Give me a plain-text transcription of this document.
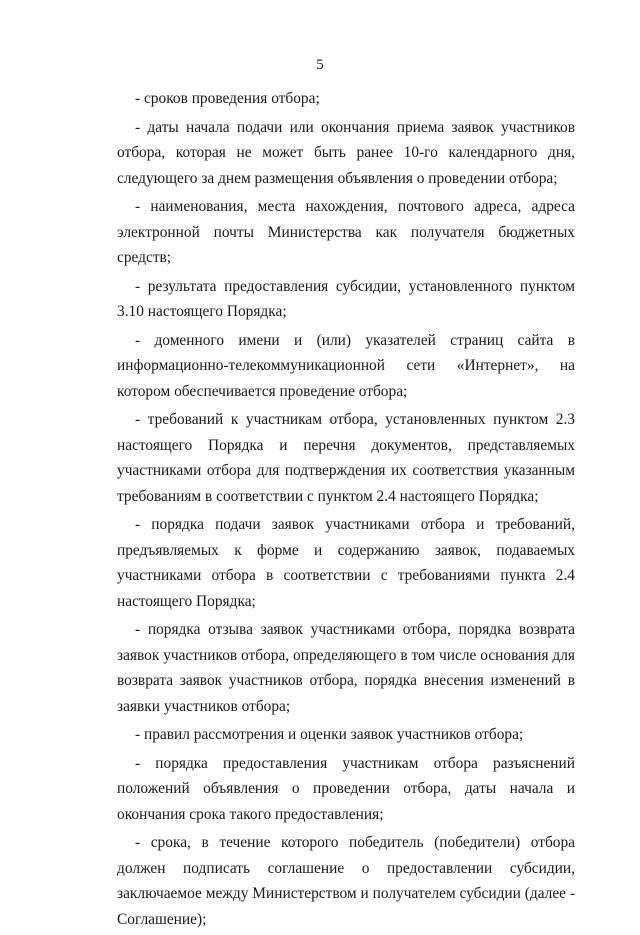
5

- сроков проведения отбора;

- даты начала подачи или окончания приема заявок участников отбора, которая не может быть ранее 10-го календарного дня, следующего за днем размещения объявления о проведении отбора;

- наименования, места нахождения, почтового адреса, адреса электронной почты Министерства как получателя бюджетных средств;

- результата предоставления субсидии, установленного пунктом 3.10 настоящего Порядка;

- доменного имени и (или) указателей страниц сайта в информационно-телекоммуникационной сети «Интернет», на котором обеспечивается проведение отбора;

- требований к участникам отбора, установленных пунктом 2.3 настоящего Порядка и перечня документов, представляемых участниками отбора для подтверждения их соответствия указанным требованиям в соответствии с пунктом 2.4 настоящего Порядка;

- порядка подачи заявок участниками отбора и требований, предъявляемых к форме и содержанию заявок, подаваемых участниками отбора в соответствии с требованиями пункта 2.4 настоящего Порядка;

- порядка отзыва заявок участниками отбора, порядка возврата заявок участников отбора, определяющего в том числе основания для возврата заявок участников отбора, порядка внесения изменений в заявки участников отбора;

- правил рассмотрения и оценки заявок участников отбора;

- порядка предоставления участникам отбора разъяснений положений объявления о проведении отбора, даты начала и окончания срока такого предоставления;

- срока, в течение которого победитель (победители) отбора должен подписать соглашение о предоставлении субсидии, заключаемое между Министерством и получателем субсидии (далее - Соглашение);
